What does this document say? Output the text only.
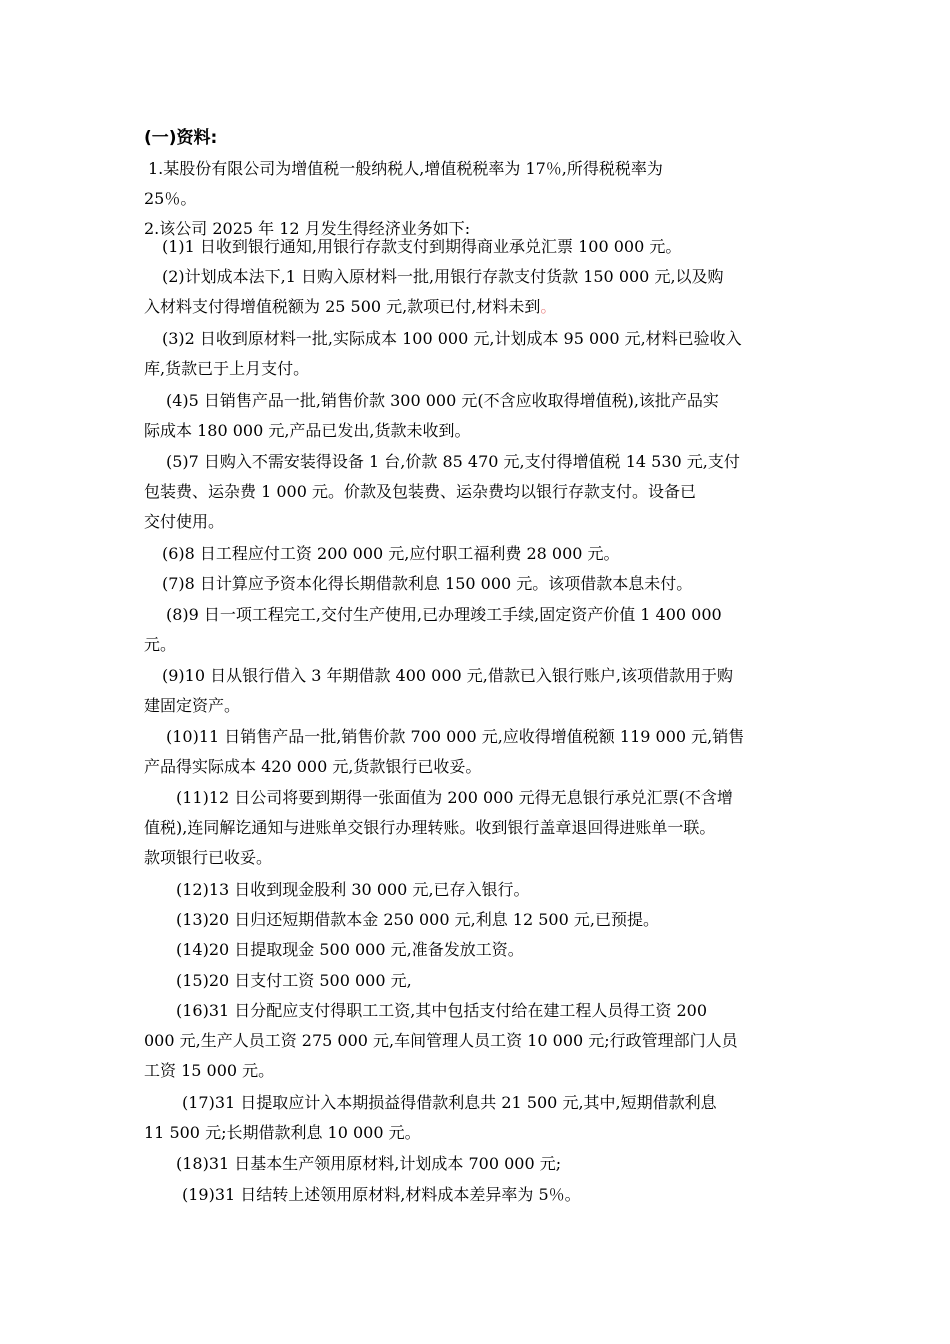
(一)资料:
1.某股份有限公司为增值税一般纳税人,增值税税率为 17％,所得税税率为
25％。
2.该公司 2025 年 12 月发生得经济业务如下:
(1)1 日收到银行通知,用银行存款支付到期得商业承兑汇票 100 000 元。
(2)计划成本法下,1 日购入原材料一批,用银行存款支付货款 150 000 元,以及购
入材料支付得增值税额为 25 500 元,款项已付,材料未到。
(3)2 日收到原材料一批,实际成本 100 000 元,计划成本 95 000 元,材料已验收入
库,货款已于上月支付。
(4)5 日销售产品一批,销售价款 300 000 元(不含应收取得增值税),该批产品实
际成本 180 000 元,产品已发出,货款未收到。
(5)7 日购入不需安装得设备 1 台,价款 85 470 元,支付得增值税 14 530 元,支付
包装费、运杂费 1 000 元。价款及包装费、运杂费均以银行存款支付。设备已
交付使用。
(6)8 日工程应付工资 200 000 元,应付职工福利费 28 000 元。
(7)8 日计算应予资本化得长期借款利息 150 000 元。该项借款本息未付。
(8)9 日一项工程完工,交付生产使用,已办理竣工手续,固定资产价值 1 400 000
元。
(9)10 日从银行借入 3 年期借款 400 000 元,借款已入银行账户,该项借款用于购
建固定资产。
(10)11 日销售产品一批,销售价款 700 000 元,应收得增值税额 119 000 元,销售
产品得实际成本 420 000 元,货款银行已收妥。
(11)12 日公司将要到期得一张面值为 200 000 元得无息银行承兑汇票(不含增
值税),连同解讫通知与进账单交银行办理转账。收到银行盖章退回得进账单一联。
款项银行已收妥。
(12)13 日收到现金股利 30 000 元,已存入银行。
(13)20 日归还短期借款本金 250 000 元,利息 12 500 元,已预提。
(14)20 日提取现金 500 000 元,准备发放工资。
(15)20 日支付工资 500 000 元,
(16)31 日分配应支付得职工工资,其中包括支付给在建工程人员得工资 200
000 元,生产人员工资 275 000 元,车间管理人员工资 10 000 元;行政管理部门人员
工资 15 000 元。
(17)31 日提取应计入本期损益得借款利息共 21 500 元,其中,短期借款利息
11 500 元;长期借款利息 10 000 元。
(18)31 日基本生产领用原材料,计划成本 700 000 元;
(19)31 日结转上述领用原材料,材料成本差异率为 5％。
